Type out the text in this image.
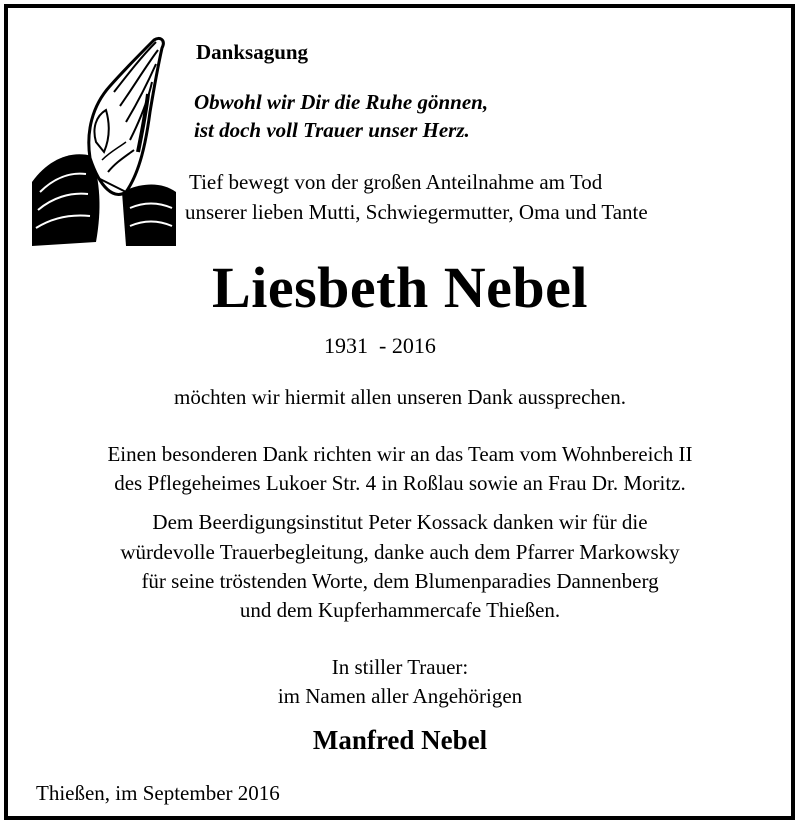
Danksagung

Obwohl wir Dir die Ruhe gönnen,

ist doch voll Trauer unser Herz.

Tief bewegt von der großen Anteilnahme am Tod

unserer lieben Mutti, Schwiegermutter, Oma und Tante

Liesbeth Nebel

1931  - 2016

möchten wir hiermit allen unseren Dank aussprechen.

Einen besonderen Dank richten wir an das Team vom Wohnbereich II

des Pflegeheimes Lukoer Str. 4 in Roßlau sowie an Frau Dr. Moritz.

Dem Beerdigungsinstitut Peter Kossack danken wir für die

würdevolle Trauerbegleitung, danke auch dem Pfarrer Markowsky

für seine tröstenden Worte, dem Blumenparadies Dannenberg

und dem Kupferhammercafe Thießen.

In stiller Trauer:

im Namen aller Angehörigen

Manfred Nebel

Thießen, im September 2016
